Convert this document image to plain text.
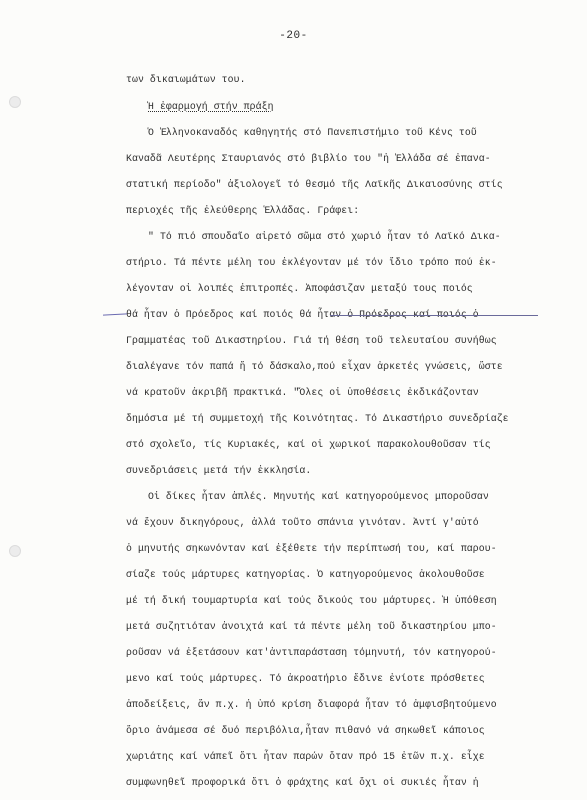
-20-
των δικαιωμάτων του.
Ἡ ἐφαρμογή στήν πράξη
Ὁ Ἑλληνοκαναδός καθηγητής στό Πανεπιστήμιο τοῦ Κένς τοῦ
Καναδᾶ Λευτέρης Σταυριανός στό βιβλίο του "ἡ Ἑλλάδα σέ ἐπανα-
στατική περίοδο" ἀξιολογεῖ τό θεσμό τῆς Λαϊκῆς Δικαιοσύνης στίς
περιοχές τῆς ἐλεύθερης Ἑλλάδας. Γράφει:
" Τό πιό σπουδαῖο αἱρετό σῶμα στό χωριό ἦταν τό Λαϊκό Δικα-
στήριο. Τά πέντε μέλη του ἐκλέγονταν μέ τόν ἴδιο τρόπο πού ἐκ-
λέγονταν οἱ λοιπές ἐπιτροπές. Ἀποφάσιζαν μεταξύ τους ποιός
θά ἦταν ὁ Πρόεδρος καί ποιός θά ἦταν ὁ Πρόεδρος καί ποιός ὁ
Γραμματέας τοῦ Δικαστηρίου. Γιά τή θέση τοῦ τελευταίου συνήθως
διαλέγανε τόν παπά ἤ τό δάσκαλο,πού εἶχαν ἀρκετές γνώσεις, ὥστε
νά κρατοῦν ἀκριβῆ πρακτικά. "Ὅλες οἱ ὑποθέσεις ἐκδικάζονταν
δημόσια μέ τή συμμετοχή τῆς Κοινότητας. Τό Δικαστήριο συνεδρίαζε
στό σχολεῖο, τίς Κυριακές, καί οἱ χωρικοί παρακολουθοῦσαν τίς
συνεδριάσεις μετά τήν ἐκκλησία.
Οἱ δίκες ἦταν ἁπλές. Μηνυτής καί κατηγορούμενος μποροῦσαν
νά ἔχουν δικηγόρους, ἀλλά τοῦτο σπάνια γινόταν. Ἀντί γ'αὐτό
ὁ μηνυτής σηκωνόνταν καί ἐξέθετε τήν περίπτωσή του, καί παρου-
σίαζε τούς μάρτυρες κατηγορίας. Ὁ κατηγορούμενος ἀκολουθοῦσε
μέ τή δική τουμαρτυρία καί τούς δικούς του μάρτυρες. Ἡ ὑπόθεση
μετά συζητιόταν ἀνοιχτά καί τά πέντε μέλη τοῦ δικαστηρίου μπο-
ροῦσαν νά ἐξετάσουν κατ'ἀντιπαράσταση τόμηνυτή, τόν κατηγορού-
μενο καί τούς μάρτυρες. Τό ἀκροατήριο ἔδινε ἐνίοτε πρόσθετες
ἀποδείξεις, ἄν π.χ. ἡ ὑπό κρίση διαφορά ἦταν τό ἀμφισβητούμενο
ὅριο ἀνάμεσα σέ δυό περιβόλια,ἦταν πιθανό νά σηκωθεῖ κάποιος
χωριάτης καί νάπεῖ ὅτι ἦταν παρών ὅταν πρό 15 ἐτῶν π.χ. εἶχε
συμφωνηθεῖ προφορικά ὅτι ὁ φράχτης καί ὄχι οἱ συκιές ἦταν ἡ
